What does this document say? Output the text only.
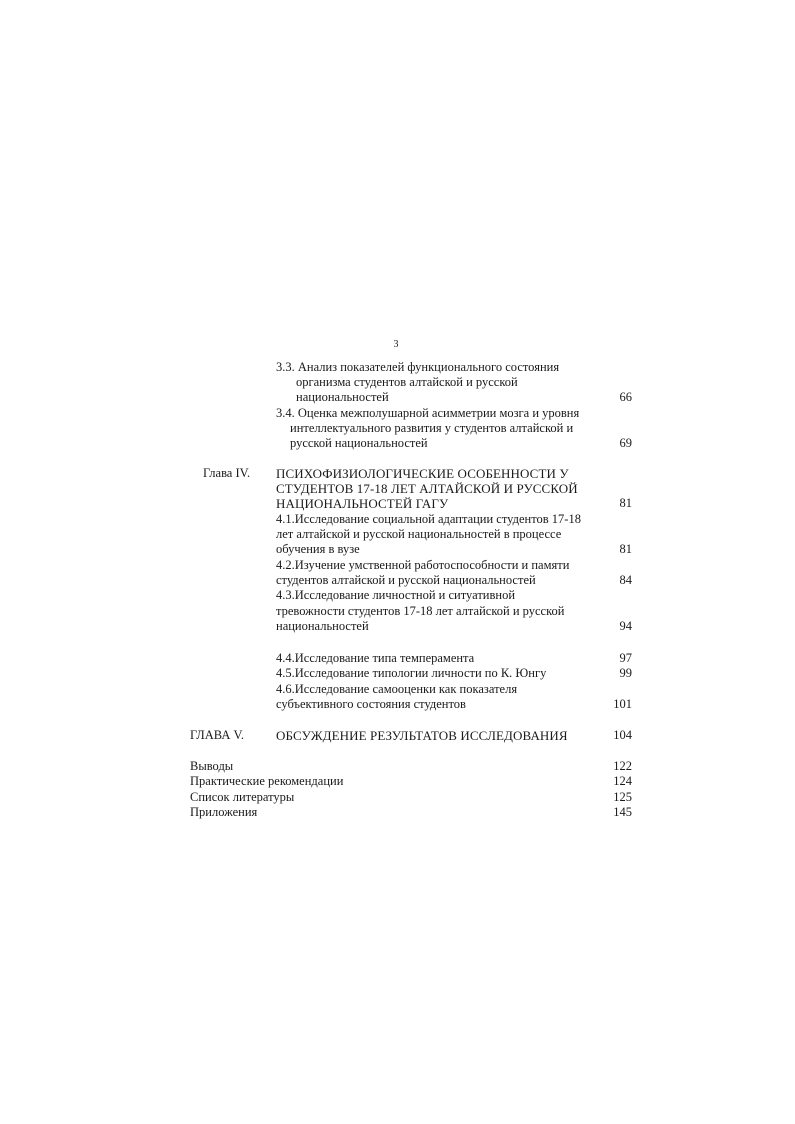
3
3.3. Анализ показателей функционального состояния
организма студентов алтайской и русской
национальностей	66
3.4. Оценка межполушарной асимметрии мозга и уровня
интеллектуального развития у студентов алтайской и
русской национальностей	69
Глава IV. ПСИХОФИЗИОЛОГИЧЕСКИЕ ОСОБЕННОСТИ У
СТУДЕНТОВ 17-18 ЛЕТ АЛТАЙСКОЙ И РУССКОЙ
НАЦИОНАЛЬНОСТЕЙ ГАГУ	81
4.1.Исследование социальной адаптации студентов 17-18
лет алтайской и русской национальностей в процессе
обучения в вузе	81
4.2.Изучение умственной работоспособности и памяти
студентов алтайской и русской национальностей	84
4.3.Исследование личностной и ситуативной
тревожности студентов 17-18 лет алтайской и русской
национальностей	94
4.4.Исследование типа темперамента	97
4.5.Исследование типологии личности по К. Юнгу	99
4.6.Исследование самооценки как показателя
субъективного состояния студентов	101
ГЛАВА V. ОБСУЖДЕНИЕ РЕЗУЛЬТАТОВ ИССЛЕДОВАНИЯ	104
Выводы	122
Практические рекомендации	124
Список литературы	125
Приложения	145
